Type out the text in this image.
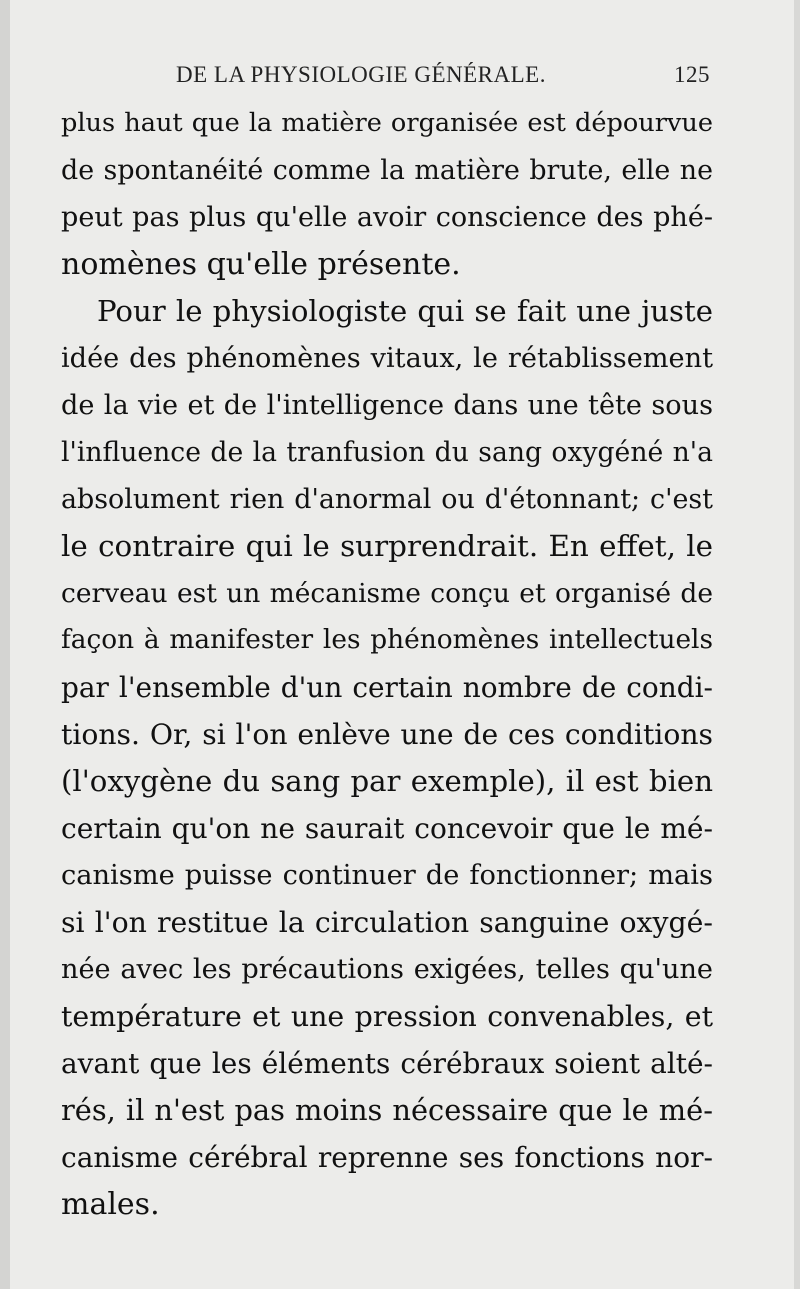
DE LA PHYSIOLOGIE GÉNÉRALE.	125
plus haut que la matière organisée est dépourvue
de spontanéité comme la matière brute, elle ne
peut pas plus qu'elle avoir conscience des phé-
nomènes qu'elle présente.
Pour le physiologiste qui se fait une juste
idée des phénomènes vitaux, le rétablissement
de la vie et de l'intelligence dans une tête sous
l'influence de la tranfusion du sang oxygéné n'a
absolument rien d'anormal ou d'étonnant; c'est
le contraire qui le surprendrait. En effet, le
cerveau est un mécanisme conçu et organisé de
façon à manifester les phénomènes intellectuels
par l'ensemble d'un certain nombre de condi-
tions. Or, si l'on enlève une de ces conditions
(l'oxygène du sang par exemple), il est bien
certain qu'on ne saurait concevoir que le mé-
canisme puisse continuer de fonctionner; mais
si l'on restitue la circulation sanguine oxygé-
née avec les précautions exigées, telles qu'une
température et une pression convenables, et
avant que les éléments cérébraux soient alté-
rés, il n'est pas moins nécessaire que le mé-
canisme cérébral reprenne ses fonctions nor-
males.
